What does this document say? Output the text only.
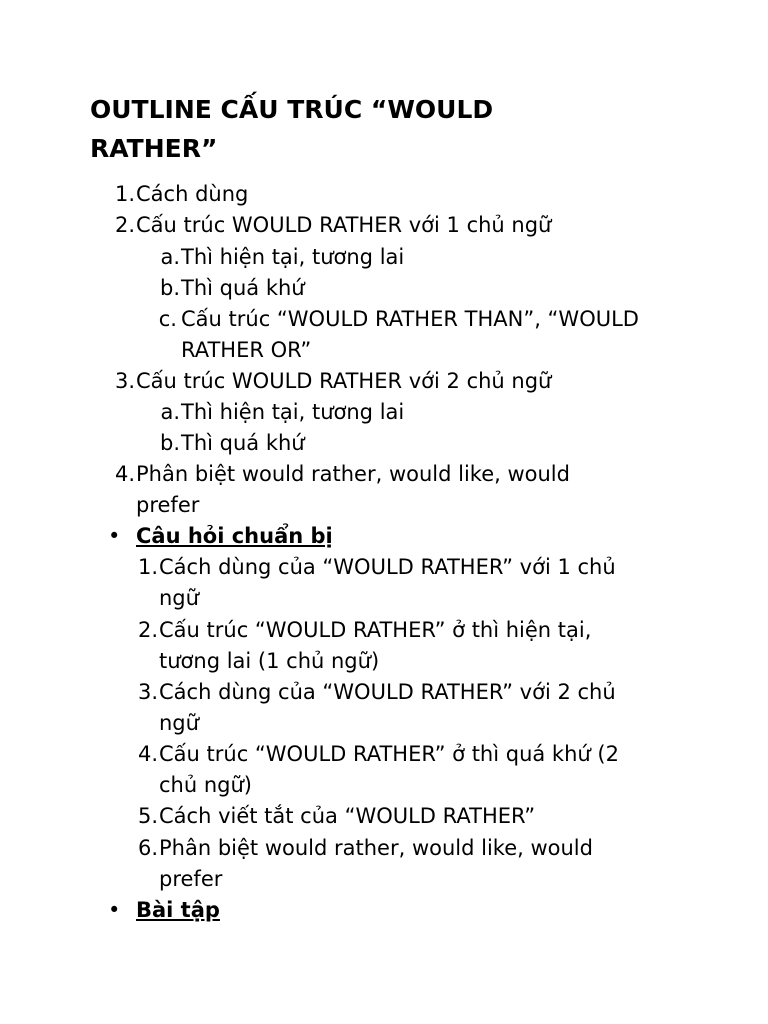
OUTLINE CẤU TRÚC “WOULD
RATHER”
1. Cách dùng
2. Cấu trúc WOULD RATHER với 1 chủ ngữ
a. Thì hiện tại, tương lai
b. Thì quá khứ
c. Cấu trúc “WOULD RATHER THAN”, “WOULD
RATHER OR”
3. Cấu trúc WOULD RATHER với 2 chủ ngữ
a. Thì hiện tại, tương lai
b. Thì quá khứ
4. Phân biệt would rather, would like, would
prefer
• Câu hỏi chuẩn bị
1. Cách dùng của “WOULD RATHER” với 1 chủ
ngữ
2. Cấu trúc “WOULD RATHER” ở thì hiện tại,
tương lai (1 chủ ngữ)
3. Cách dùng của “WOULD RATHER” với 2 chủ
ngữ
4. Cấu trúc “WOULD RATHER” ở thì quá khứ (2
chủ ngữ)
5. Cách viết tắt của “WOULD RATHER”
6. Phân biệt would rather, would like, would
prefer
• Bài tập
